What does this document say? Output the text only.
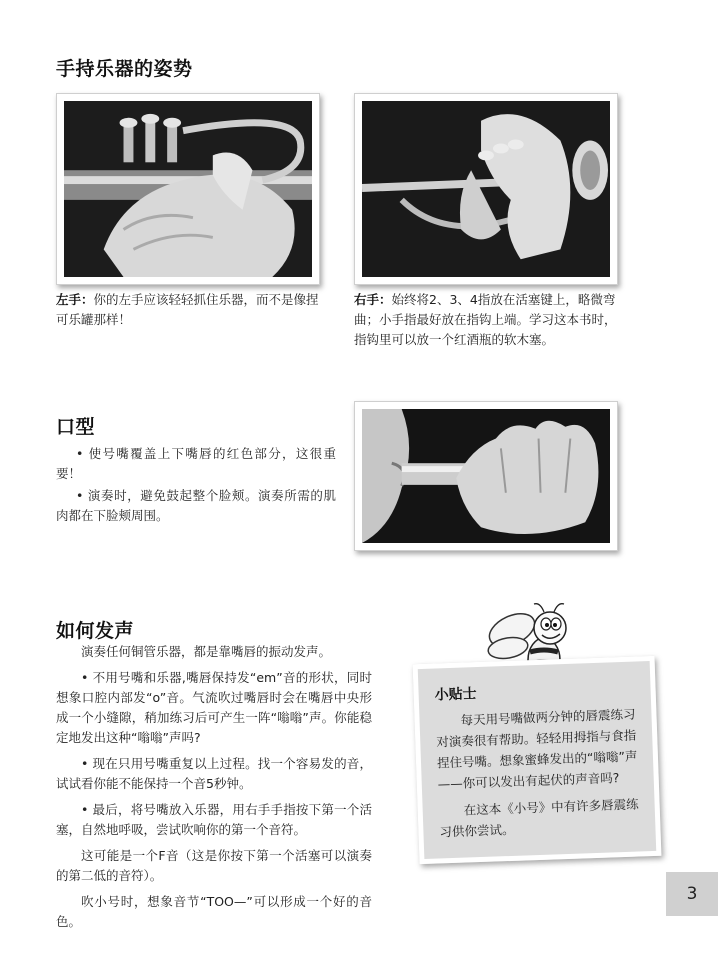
手持乐器的姿势
左手：你的左手应该轻轻抓住乐器，而不是像捏可乐罐那样！
右手：始终将2、3、4指放在活塞键上，略微弯曲；小手指最好放在指钩上端。学习这本书时，指钩里可以放一个红酒瓶的软木塞。
口型
• 使号嘴覆盖上下嘴唇的红色部分，这很重要！
• 演奏时，避免鼓起整个脸颊。演奏所需的肌肉都在下脸颊周围。
如何发声
演奏任何铜管乐器，都是靠嘴唇的振动发声。
• 不用号嘴和乐器,嘴唇保持发“em”音的形状，同时想象口腔内部发“o”音。气流吹过嘴唇时会在嘴唇中央形成一个小缝隙，稍加练习后可产生一阵“嗡嗡”声。你能稳定地发出这种“嗡嗡”声吗?
• 现在只用号嘴重复以上过程。找一个容易发的音，试试看你能不能保持一个音5秒钟。
• 最后，将号嘴放入乐器，用右手手指按下第一个活塞，自然地呼吸，尝试吹响你的第一个音符。
这可能是一个F音（这是你按下第一个活塞可以演奏的第二低的音符）。
吹小号时，想象音节“TOO—”可以形成一个好的音色。
小贴士

每天用号嘴做两分钟的唇震练习对演奏很有帮助。轻轻用拇指与食指捏住号嘴。想象蜜蜂发出的“嗡嗡”声——你可以发出有起伏的声音吗?

在这本《小号》中有许多唇震练习供你尝试。

3
